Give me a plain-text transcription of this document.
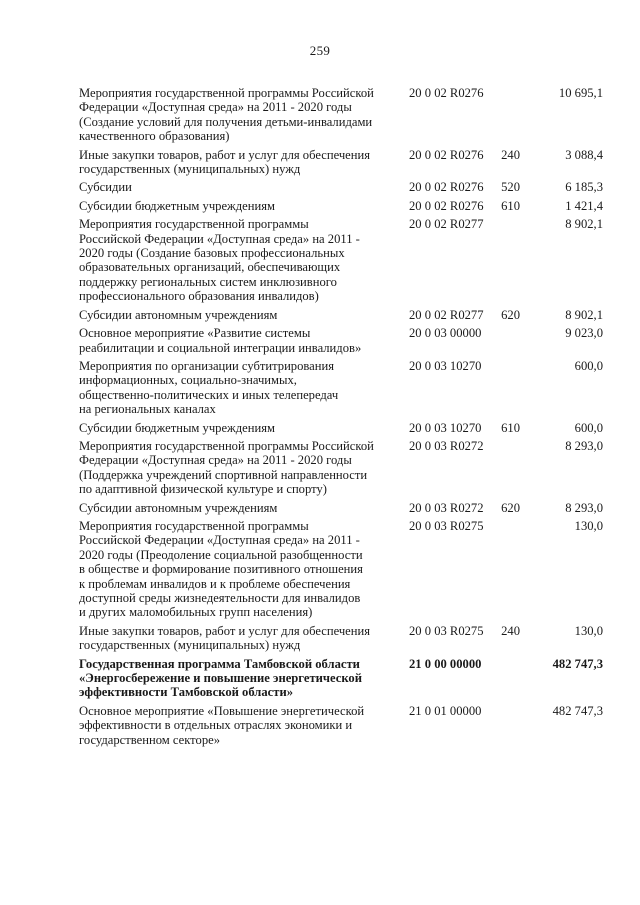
259
Мероприятия государственной программы Российской
Федерации «Доступная среда» на 2011 - 2020 годы
(Создание условий для получения детьми-инвалидами
качественного образования)
20 0 02 R0276	10 695,1
Иные закупки товаров, работ и услуг для обеспечения
государственных (муниципальных) нужд
20 0 02 R0276 240	3 088,4
Субсидии	20 0 02 R0276 520	6 185,3
Субсидии бюджетным учреждениям	20 0 02 R0276 610	1 421,4
Мероприятия государственной программы
Российской Федерации «Доступная среда» на 2011 -
2020 годы (Создание базовых профессиональных
образовательных организаций, обеспечивающих
поддержку региональных систем инклюзивного
профессионального образования инвалидов)
20 0 02 R0277	8 902,1
Субсидии автономным учреждениям	20 0 02 R0277 620	8 902,1
Основное мероприятие «Развитие системы
реабилитации и социальной интеграции инвалидов»
20 0 03 00000	9 023,0
Мероприятия по организации субтитрирования
информационных, социально-значимых,
общественно-политических и иных телепередач
на региональных каналах
20 0 03 10270	600,0
Субсидии бюджетным учреждениям	20 0 03 10270 610	600,0
Мероприятия государственной программы Российской
Федерации «Доступная среда» на 2011 - 2020 годы
(Поддержка учреждений спортивной направленности
по адаптивной физической культуре и спорту)
20 0 03 R0272	8 293,0
Субсидии автономным учреждениям	20 0 03 R0272 620	8 293,0
Мероприятия государственной программы
Российской Федерации «Доступная среда» на 2011 -
2020 годы (Преодоление социальной разобщенности
в обществе и формирование позитивного отношения
к проблемам инвалидов и к проблеме обеспечения
доступной среды жизнедеятельности для инвалидов
и других маломобильных групп населения)
20 0 03 R0275	130,0
Иные закупки товаров, работ и услуг для обеспечения
государственных (муниципальных) нужд
20 0 03 R0275 240	130,0
Государственная программа Тамбовской области
«Энергосбережение и повышение энергетической
эффективности Тамбовской области»
21 0 00 00000	482 747,3
Основное мероприятие «Повышение энергетической
эффективности в отдельных отраслях экономики и
государственном секторе»
21 0 01 00000	482 747,3
